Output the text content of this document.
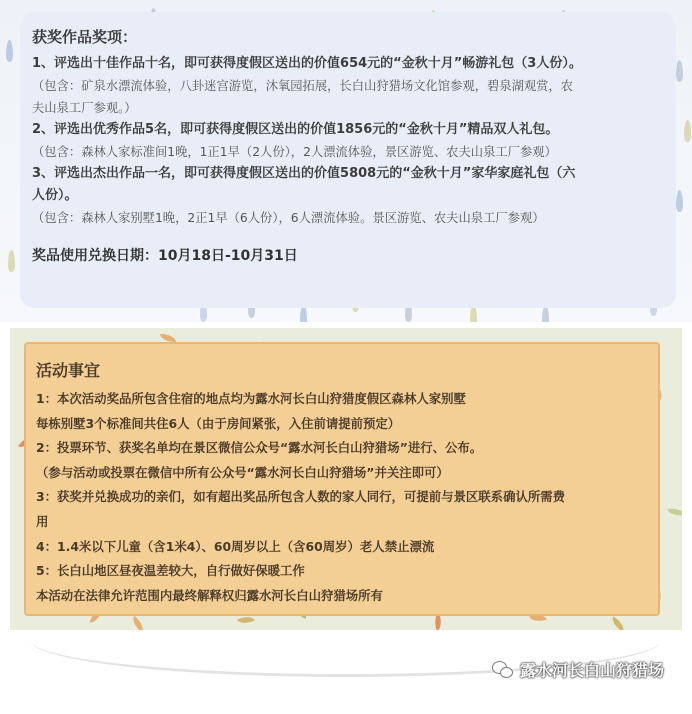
获奖作品奖项：
1、评选出十佳作品十名，即可获得度假区送出的价值654元的“金秋十月”畅游礼包（3人份）。
（包含：矿泉水漂流体验，八卦迷宫游览，沐氧园拓展，长白山狩猎场文化馆参观，碧泉湖观赏，农
夫山泉工厂参观。）
2、评选出优秀作品5名，即可获得度假区送出的价值1856元的“金秋十月”精品双人礼包。
（包含：森林人家标准间1晚，1正1早（2人份），2人漂流体验，景区游览、农夫山泉工厂参观）
3、评选出杰出作品一名，即可获得度假区送出的价值5808元的“金秋十月”家华家庭礼包（六
人份）。
（包含：森林人家别墅1晚，2正1早（6人份），6人漂流体验。景区游览、农夫山泉工厂参观）
奖品使用兑换日期：10月18日-10月31日
活动事宜
1：本次活动奖品所包含住宿的地点均为露水河长白山狩猎度假区森林人家别墅
每栋别墅3个标准间共住6人（由于房间紧张，入住前请提前预定）
2：投票环节、获奖名单均在景区微信公众号“露水河长白山狩猎场”进行、公布。
（参与活动或投票在微信中所有公众号“露水河长白山狩猎场”并关注即可）
3：获奖并兑换成功的亲们，如有超出奖品所包含人数的家人同行，可提前与景区联系确认所需费
用
4：1.4米以下儿童（含1米4）、60周岁以上（含60周岁）老人禁止漂流
5：长白山地区昼夜温差较大，自行做好保暖工作
本活动在法律允许范围内最终解释权归露水河长白山狩猎场所有
露水河长白山狩猎场
